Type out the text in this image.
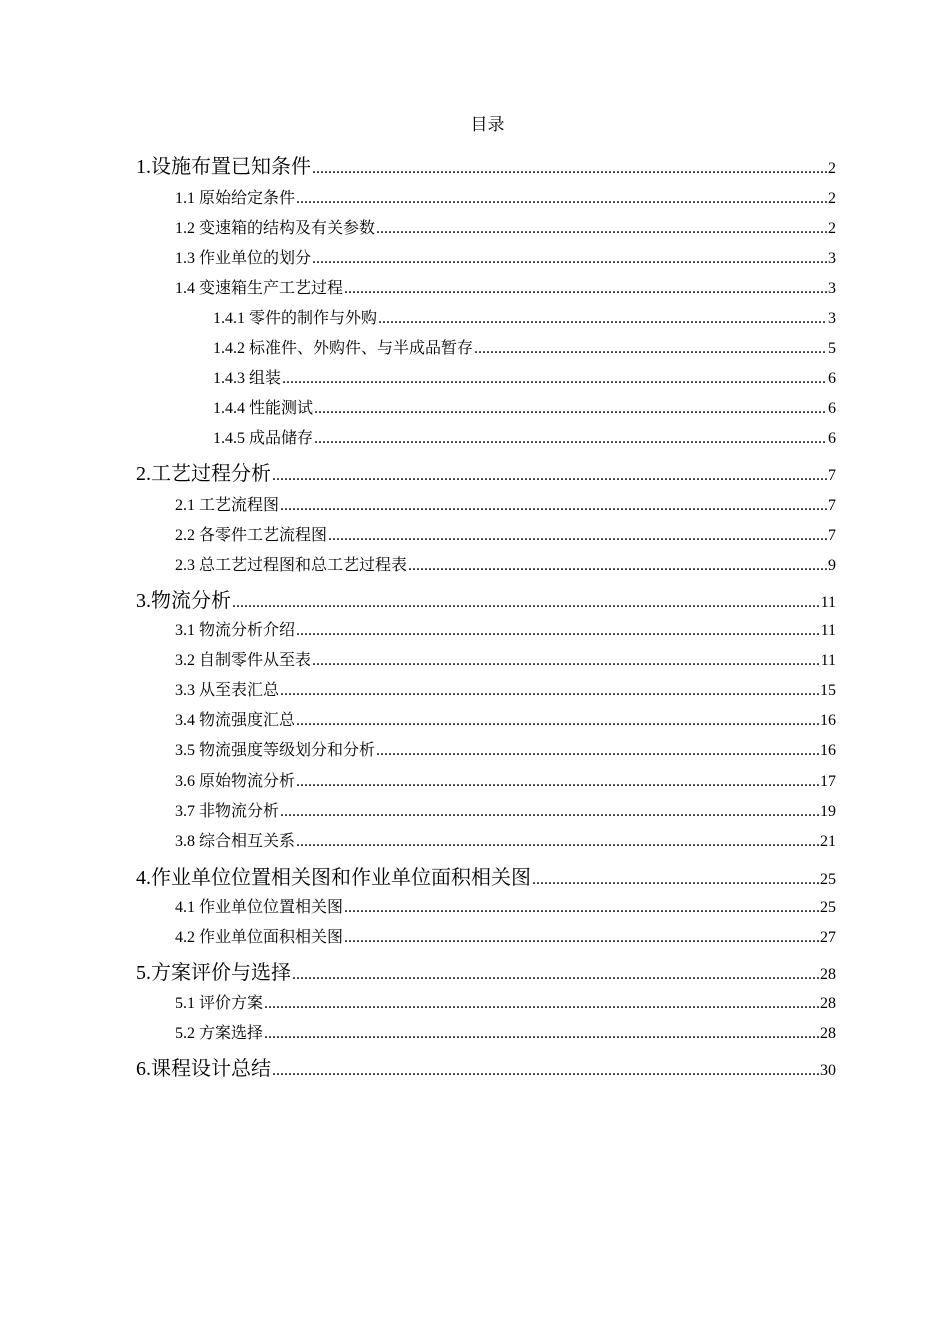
目录
1.设施布置已知条件 .....	2
1.1 原始给定条件 .....	2
1.2 变速箱的结构及有关参数 .....	2
1.3 作业单位的划分 .....	3
1.4 变速箱生产工艺过程 .....	3
1.4.1 零件的制作与外购 .....	3
1.4.2 标准件、外购件、与半成品暂存 .....	5
1.4.3 组装 .....	6
1.4.4 性能测试 .....	6
1.4.5 成品储存 .....	6
2.工艺过程分析 .....	7
2.1 工艺流程图 .....	7
2.2 各零件工艺流程图 .....	7
2.3 总工艺过程图和总工艺过程表 .....	9
3.物流分析 .....	11
3.1 物流分析介绍 .....	11
3.2 自制零件从至表 .....	11
3.3 从至表汇总 .....	15
3.4 物流强度汇总 .....	16
3.5 物流强度等级划分和分析 .....	16
3.6 原始物流分析 .....	17
3.7 非物流分析 .....	19
3.8 综合相互关系 .....	21
4.作业单位位置相关图和作业单位面积相关图 .....	25
4.1 作业单位位置相关图 .....	25
4.2 作业单位面积相关图 .....	27
5.方案评价与选择 .....	28
5.1 评价方案 .....	28
5.2 方案选择 .....	28
6.课程设计总结 .....	30
